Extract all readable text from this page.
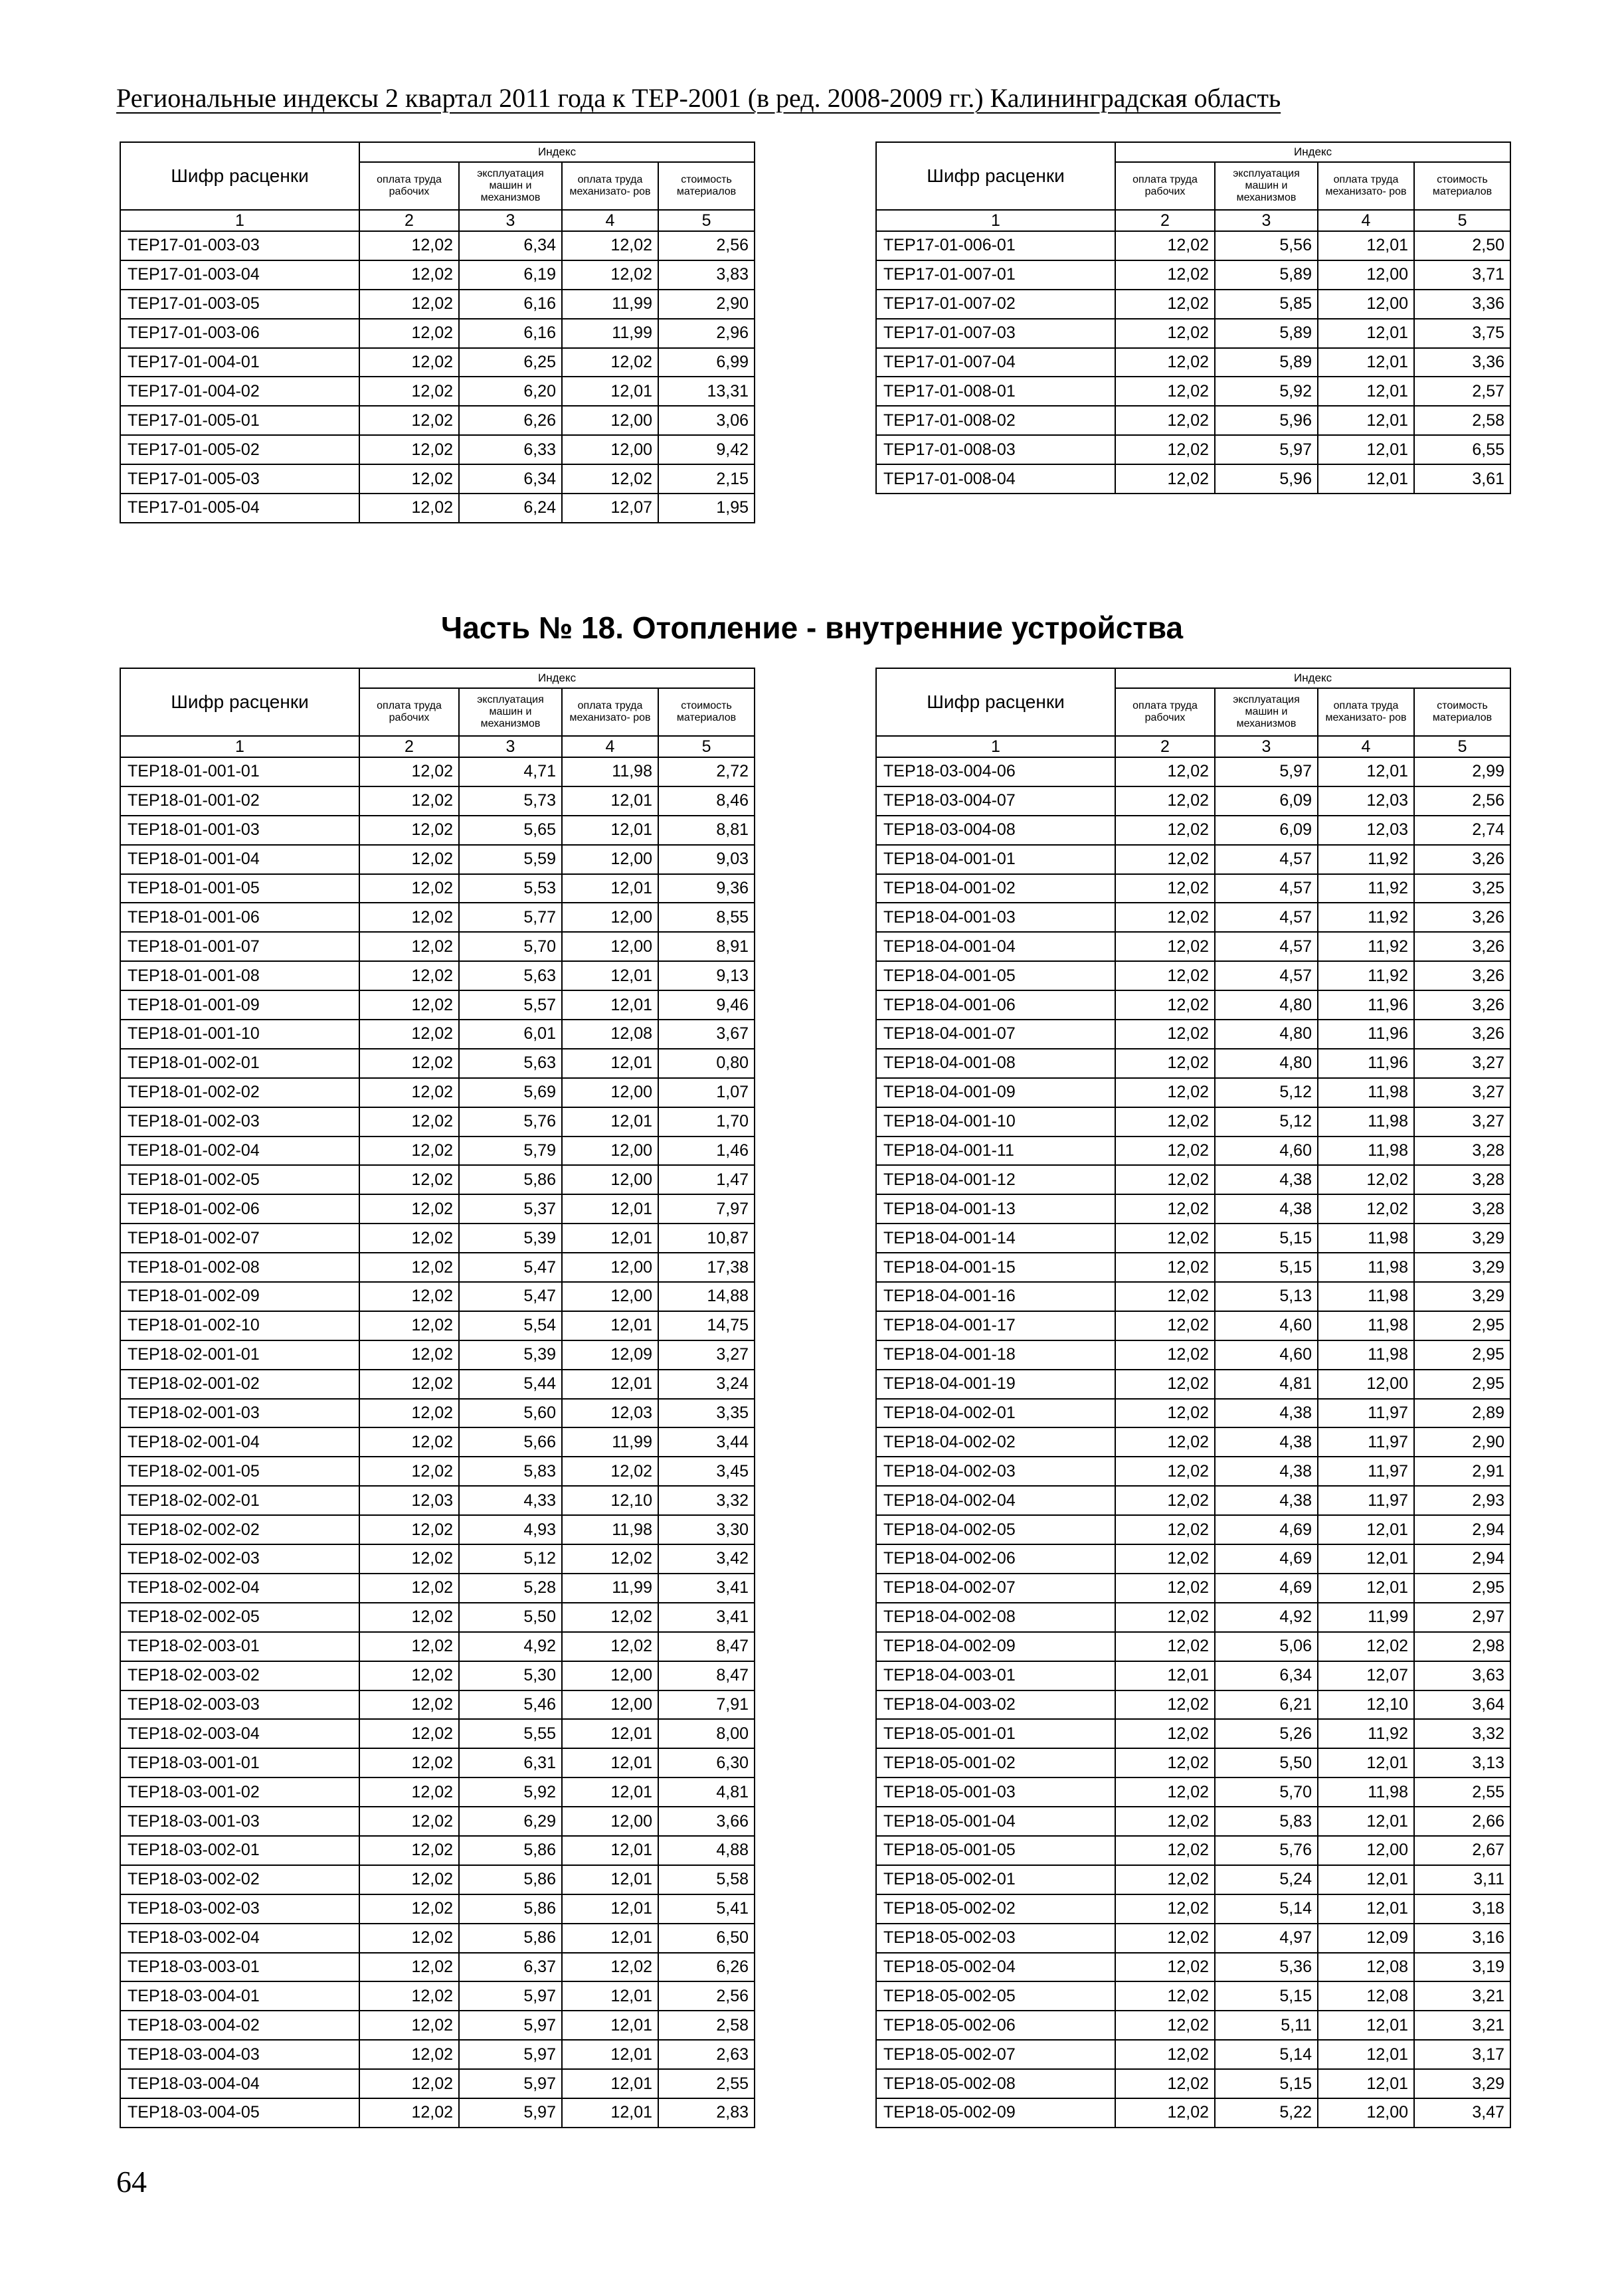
Региональные индексы 2 квартал 2011 года к ТЕР-2001 (в ред. 2008-2009 гг.) Калининградская область
Шифр расценки	Индекс			
	оплата труда рабочих	эксплуатация машин и механизмов	оплата труда механизато- ров	стоимость материалов
1	2	3	4	5
ТЕР17-01-003-03	12,02	6,34	12,02	2,56
ТЕР17-01-003-04	12,02	6,19	12,02	3,83
ТЕР17-01-003-05	12,02	6,16	11,99	2,90
ТЕР17-01-003-06	12,02	6,16	11,99	2,96
ТЕР17-01-004-01	12,02	6,25	12,02	6,99
ТЕР17-01-004-02	12,02	6,20	12,01	13,31
ТЕР17-01-005-01	12,02	6,26	12,00	3,06
ТЕР17-01-005-02	12,02	6,33	12,00	9,42
ТЕР17-01-005-03	12,02	6,34	12,02	2,15
ТЕР17-01-005-04	12,02	6,24	12,07	1,95
Шифр расценки	Индекс			
	оплата труда рабочих	эксплуатация машин и механизмов	оплата труда механизато- ров	стоимость материалов
1	2	3	4	5
ТЕР17-01-006-01	12,02	5,56	12,01	2,50
ТЕР17-01-007-01	12,02	5,89	12,00	3,71
ТЕР17-01-007-02	12,02	5,85	12,00	3,36
ТЕР17-01-007-03	12,02	5,89	12,01	3,75
ТЕР17-01-007-04	12,02	5,89	12,01	3,36
ТЕР17-01-008-01	12,02	5,92	12,01	2,57
ТЕР17-01-008-02	12,02	5,96	12,01	2,58
ТЕР17-01-008-03	12,02	5,97	12,01	6,55
ТЕР17-01-008-04	12,02	5,96	12,01	3,61
Часть № 18. Отопление - внутренние устройства
Шифр расценки	Индекс			
	оплата труда рабочих	эксплуатация машин и механизмов	оплата труда механизато- ров	стоимость материалов
1	2	3	4	5
ТЕР18-01-001-01	12,02	4,71	11,98	2,72
ТЕР18-01-001-02	12,02	5,73	12,01	8,46
ТЕР18-01-001-03	12,02	5,65	12,01	8,81
ТЕР18-01-001-04	12,02	5,59	12,00	9,03
ТЕР18-01-001-05	12,02	5,53	12,01	9,36
ТЕР18-01-001-06	12,02	5,77	12,00	8,55
ТЕР18-01-001-07	12,02	5,70	12,00	8,91
ТЕР18-01-001-08	12,02	5,63	12,01	9,13
ТЕР18-01-001-09	12,02	5,57	12,01	9,46
ТЕР18-01-001-10	12,02	6,01	12,08	3,67
ТЕР18-01-002-01	12,02	5,63	12,01	0,80
ТЕР18-01-002-02	12,02	5,69	12,00	1,07
ТЕР18-01-002-03	12,02	5,76	12,01	1,70
ТЕР18-01-002-04	12,02	5,79	12,00	1,46
ТЕР18-01-002-05	12,02	5,86	12,00	1,47
ТЕР18-01-002-06	12,02	5,37	12,01	7,97
ТЕР18-01-002-07	12,02	5,39	12,01	10,87
ТЕР18-01-002-08	12,02	5,47	12,00	17,38
ТЕР18-01-002-09	12,02	5,47	12,00	14,88
ТЕР18-01-002-10	12,02	5,54	12,01	14,75
ТЕР18-02-001-01	12,02	5,39	12,09	3,27
ТЕР18-02-001-02	12,02	5,44	12,01	3,24
ТЕР18-02-001-03	12,02	5,60	12,03	3,35
ТЕР18-02-001-04	12,02	5,66	11,99	3,44
ТЕР18-02-001-05	12,02	5,83	12,02	3,45
ТЕР18-02-002-01	12,03	4,33	12,10	3,32
ТЕР18-02-002-02	12,02	4,93	11,98	3,30
ТЕР18-02-002-03	12,02	5,12	12,02	3,42
ТЕР18-02-002-04	12,02	5,28	11,99	3,41
ТЕР18-02-002-05	12,02	5,50	12,02	3,41
ТЕР18-02-003-01	12,02	4,92	12,02	8,47
ТЕР18-02-003-02	12,02	5,30	12,00	8,47
ТЕР18-02-003-03	12,02	5,46	12,00	7,91
ТЕР18-02-003-04	12,02	5,55	12,01	8,00
ТЕР18-03-001-01	12,02	6,31	12,01	6,30
ТЕР18-03-001-02	12,02	5,92	12,01	4,81
ТЕР18-03-001-03	12,02	6,29	12,00	3,66
ТЕР18-03-002-01	12,02	5,86	12,01	4,88
ТЕР18-03-002-02	12,02	5,86	12,01	5,58
ТЕР18-03-002-03	12,02	5,86	12,01	5,41
ТЕР18-03-002-04	12,02	5,86	12,01	6,50
ТЕР18-03-003-01	12,02	6,37	12,02	6,26
ТЕР18-03-004-01	12,02	5,97	12,01	2,56
ТЕР18-03-004-02	12,02	5,97	12,01	2,58
ТЕР18-03-004-03	12,02	5,97	12,01	2,63
ТЕР18-03-004-04	12,02	5,97	12,01	2,55
ТЕР18-03-004-05	12,02	5,97	12,01	2,83
Шифр расценки	Индекс			
	оплата труда рабочих	эксплуатация машин и механизмов	оплата труда механизато- ров	стоимость материалов
1	2	3	4	5
ТЕР18-03-004-06	12,02	5,97	12,01	2,99
ТЕР18-03-004-07	12,02	6,09	12,03	2,56
ТЕР18-03-004-08	12,02	6,09	12,03	2,74
ТЕР18-04-001-01	12,02	4,57	11,92	3,26
ТЕР18-04-001-02	12,02	4,57	11,92	3,25
ТЕР18-04-001-03	12,02	4,57	11,92	3,26
ТЕР18-04-001-04	12,02	4,57	11,92	3,26
ТЕР18-04-001-05	12,02	4,57	11,92	3,26
ТЕР18-04-001-06	12,02	4,80	11,96	3,26
ТЕР18-04-001-07	12,02	4,80	11,96	3,26
ТЕР18-04-001-08	12,02	4,80	11,96	3,27
ТЕР18-04-001-09	12,02	5,12	11,98	3,27
ТЕР18-04-001-10	12,02	5,12	11,98	3,27
ТЕР18-04-001-11	12,02	4,60	11,98	3,28
ТЕР18-04-001-12	12,02	4,38	12,02	3,28
ТЕР18-04-001-13	12,02	4,38	12,02	3,28
ТЕР18-04-001-14	12,02	5,15	11,98	3,29
ТЕР18-04-001-15	12,02	5,15	11,98	3,29
ТЕР18-04-001-16	12,02	5,13	11,98	3,29
ТЕР18-04-001-17	12,02	4,60	11,98	2,95
ТЕР18-04-001-18	12,02	4,60	11,98	2,95
ТЕР18-04-001-19	12,02	4,81	12,00	2,95
ТЕР18-04-002-01	12,02	4,38	11,97	2,89
ТЕР18-04-002-02	12,02	4,38	11,97	2,90
ТЕР18-04-002-03	12,02	4,38	11,97	2,91
ТЕР18-04-002-04	12,02	4,38	11,97	2,93
ТЕР18-04-002-05	12,02	4,69	12,01	2,94
ТЕР18-04-002-06	12,02	4,69	12,01	2,94
ТЕР18-04-002-07	12,02	4,69	12,01	2,95
ТЕР18-04-002-08	12,02	4,92	11,99	2,97
ТЕР18-04-002-09	12,02	5,06	12,02	2,98
ТЕР18-04-003-01	12,01	6,34	12,07	3,63
ТЕР18-04-003-02	12,02	6,21	12,10	3,64
ТЕР18-05-001-01	12,02	5,26	11,92	3,32
ТЕР18-05-001-02	12,02	5,50	12,01	3,13
ТЕР18-05-001-03	12,02	5,70	11,98	2,55
ТЕР18-05-001-04	12,02	5,83	12,01	2,66
ТЕР18-05-001-05	12,02	5,76	12,00	2,67
ТЕР18-05-002-01	12,02	5,24	12,01	3,11
ТЕР18-05-002-02	12,02	5,14	12,01	3,18
ТЕР18-05-002-03	12,02	4,97	12,09	3,16
ТЕР18-05-002-04	12,02	5,36	12,08	3,19
ТЕР18-05-002-05	12,02	5,15	12,08	3,21
ТЕР18-05-002-06	12,02	5,11	12,01	3,21
ТЕР18-05-002-07	12,02	5,14	12,01	3,17
ТЕР18-05-002-08	12,02	5,15	12,01	3,29
ТЕР18-05-002-09	12,02	5,22	12,00	3,47
64
